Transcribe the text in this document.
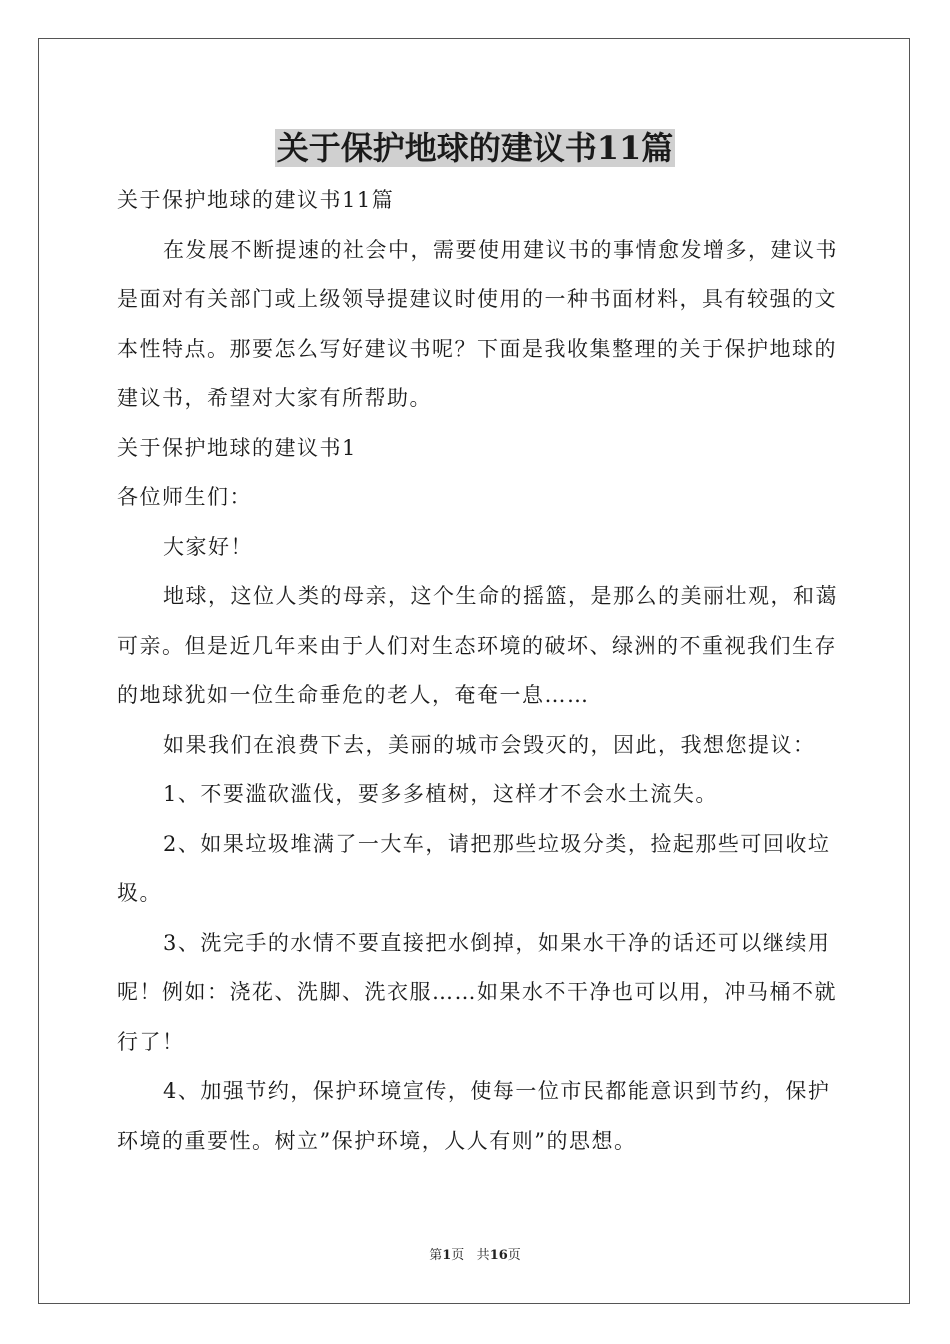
关于保护地球的建议书11篇

关于保护地球的建议书11篇

在发展不断提速的社会中，需要使用建议书的事情愈发增多，建议书是面对有关部门或上级领导提建议时使用的一种书面材料，具有较强的文本性特点。那要怎么写好建议书呢？下面是我收集整理的关于保护地球的建议书，希望对大家有所帮助。

关于保护地球的建议书1

各位师生们：

大家好！

地球，这位人类的母亲，这个生命的摇篮，是那么的美丽壮观，和蔼可亲。但是近几年来由于人们对生态环境的破坏、绿洲的不重视我们生存的地球犹如一位生命垂危的老人，奄奄一息……

如果我们在浪费下去，美丽的城市会毁灭的，因此，我想您提议：

1、不要滥砍滥伐，要多多植树，这样才不会水土流失。

2、如果垃圾堆满了一大车，请把那些垃圾分类，捡起那些可回收垃圾。

3、洗完手的水情不要直接把水倒掉，如果水干净的话还可以继续用呢！例如：浇花、洗脚、洗衣服……如果水不干净也可以用，冲马桶不就行了！

4、加强节约，保护环境宣传，使每一位市民都能意识到节约，保护环境的重要性。树立”保护环境，人人有则”的思想。

第1页 共16页
